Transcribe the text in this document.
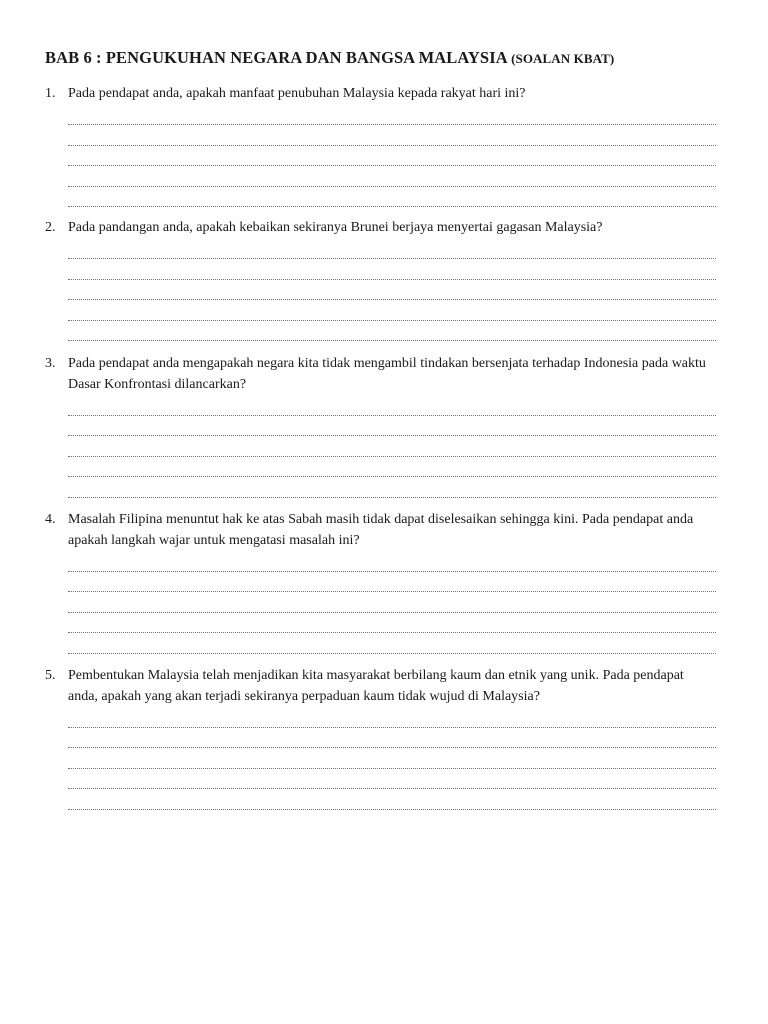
BAB 6 : PENGUKUHAN NEGARA DAN BANGSA MALAYSIA (SOALAN KBAT)
1. Pada pendapat anda, apakah manfaat penubuhan Malaysia kepada rakyat hari ini?
2. Pada pandangan anda, apakah kebaikan sekiranya Brunei berjaya menyertai gagasan Malaysia?
3. Pada pendapat anda mengapakah negara kita tidak mengambil tindakan bersenjata terhadap Indonesia pada waktu Dasar Konfrontasi dilancarkan?
4. Masalah Filipina menuntut hak ke atas Sabah masih tidak dapat diselesaikan sehingga kini. Pada pendapat anda apakah langkah wajar untuk mengatasi masalah ini?
5. Pembentukan Malaysia telah menjadikan kita masyarakat berbilang kaum dan etnik yang unik. Pada pendapat anda, apakah yang akan terjadi sekiranya perpaduan kaum tidak wujud di Malaysia?
